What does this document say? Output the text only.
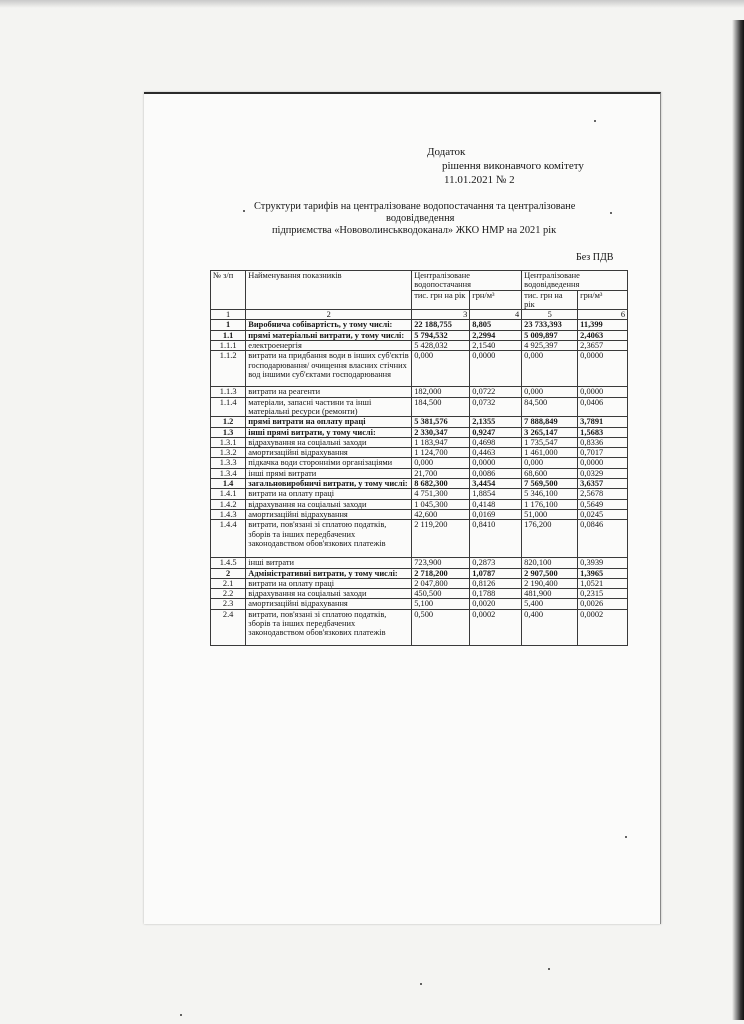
Додаток
рішення виконавчого комітету
11.01.2021 № 2
Структури тарифів на централізоване водопостачання та централізоване
водовідведення
підприємства «Нововолинськводоканал» ЖКО НМР на 2021 рік
Без ПДВ
№ з/п	Найменування показників	Централізоване водопостачання		Централізоване водовідведення	
		тис. грн на рік	грн/м³	тис. грн на рік	грн/м³
1	2	3	4	5	6
1	Виробнича собівартість, у тому числі:	22 188,755	8,805	23 733,393	11,399
1.1	прямі матеріальні витрати, у тому числі:	5 794,532	2,2994	5 009,897	2,4063
1.1.1	електроенергія	5 428,032	2,1540	4 925,397	2,3657
1.1.2	витрати на придбання води в інших суб'єктів господарювання/ очищення власних стічних вод іншими суб'єктами господарювання	0,000	0,0000	0,000	0,0000
1.1.3	витрати на реагенти	182,000	0,0722	0,000	0,0000
1.1.4	матеріали, запасні частини та інші матеріальні ресурси (ремонти)	184,500	0,0732	84,500	0,0406
1.2	прямі витрати на оплату праці	5 381,576	2,1355	7 888,849	3,7891
1.3	інші прямі витрати, у тому числі:	2 330,347	0,9247	3 265,147	1,5683
1.3.1	відрахування на соціальні заходи	1 183,947	0,4698	1 735,547	0,8336
1.3.2	амортизаційні відрахування	1 124,700	0,4463	1 461,000	0,7017
1.3.3	підкачка води сторонніми організаціями	0,000	0,0000	0,000	0,0000
1.3.4	інші прямі витрати	21,700	0,0086	68,600	0,0329
1.4	загальновиробничі витрати, у тому числі:	8 682,300	3,4454	7 569,500	3,6357
1.4.1	витрати на оплату праці	4 751,300	1,8854	5 346,100	2,5678
1.4.2	відрахування на соціальні заходи	1 045,300	0,4148	1 176,100	0,5649
1.4.3	амортизаційні відрахування	42,600	0,0169	51,000	0,0245
1.4.4	витрати, пов'язані зі сплатою податків, зборів та інших передбачених законодавством обов'язкових платежів	2 119,200	0,8410	176,200	0,0846
1.4.5	інші витрати	723,900	0,2873	820,100	0,3939
2	Адміністративні витрати, у тому числі:	2 718,200	1,0787	2 907,500	1,3965
2.1	витрати на оплату праці	2 047,800	0,8126	2 190,400	1,0521
2.2	відрахування на соціальні заходи	450,500	0,1788	481,900	0,2315
2.3	амортизаційні відрахування	5,100	0,0020	5,400	0,0026
2.4	витрати, пов'язані зі сплатою податків, зборів та інших передбачених законодавством обов'язкових платежів	0,500	0,0002	0,400	0,0002
